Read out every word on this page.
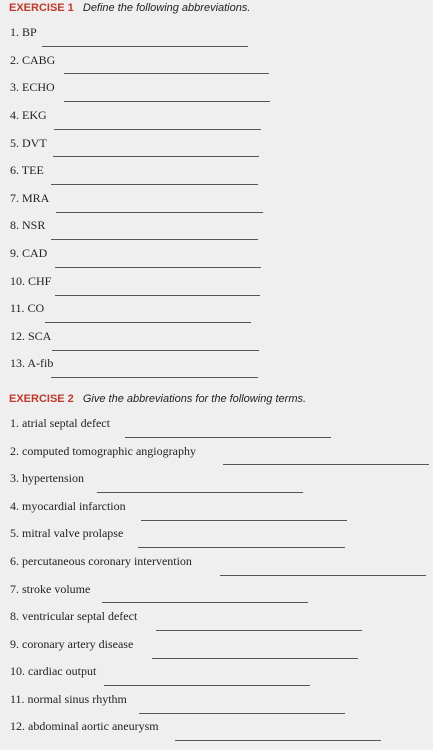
EXERCISE 1 Define the following abbreviations.
1. BP
2. CABG
3. ECHO
4. EKG
5. DVT
6. TEE
7. MRA
8. NSR
9. CAD
10. CHF
11. CO
12. SCA
13. A-fib
EXERCISE 2 Give the abbreviations for the following terms.
1. atrial septal defect
2. computed tomographic angiography
3. hypertension
4. myocardial infarction
5. mitral valve prolapse
6. percutaneous coronary intervention
7. stroke volume
8. ventricular septal defect
9. coronary artery disease
10. cardiac output
11. normal sinus rhythm
12. abdominal aortic aneurysm
